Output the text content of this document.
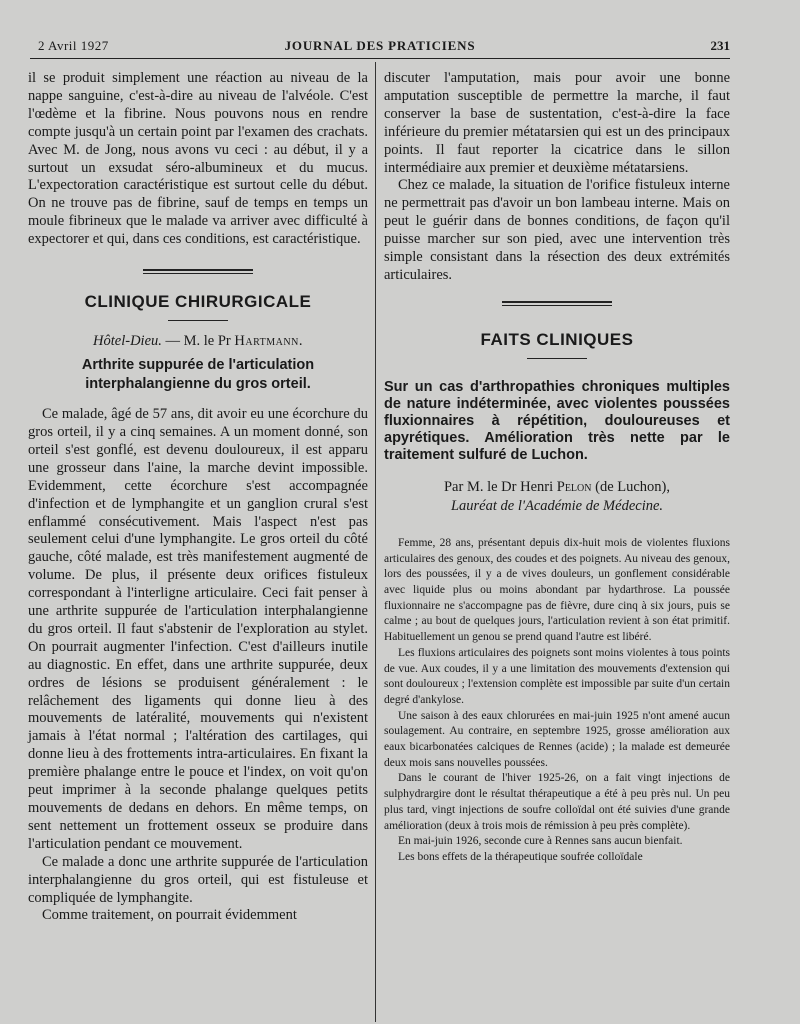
2 Avril 1927	JOURNAL DES PRATICIENS	231

il se produit simplement une réaction au niveau de la nappe sanguine, c'est-à-dire au niveau de l'alvéole. C'est l'œdème et la fibrine. Nous pouvons nous en rendre compte jusqu'à un certain point par l'examen des crachats. Avec M. de Jong, nous avons vu ceci : au début, il y a surtout un exsudat séro-albumineux et du mucus. L'expectoration caractéristique est surtout celle du début. On ne trouve pas de fibrine, sauf de temps en temps un moule fibrineux que le malade va arriver avec difficulté à expectorer et qui, dans ces conditions, est caractéristique.

CLINIQUE CHIRURGICALE
Hôtel-Dieu. — M. le Pr Hartmann.
Arthrite suppurée de l'articulation interphalangienne du gros orteil.

Ce malade, âgé de 57 ans, dit avoir eu une écorchure du gros orteil, il y a cinq semaines. A un moment donné, son orteil s'est gonflé, est devenu douloureux, il est apparu une grosseur dans l'aine, la marche devint impossible. Evidemment, cette écorchure s'est accompagnée d'infection et de lymphangite et un ganglion crural s'est enflammé consécutivement. Mais l'aspect n'est pas seulement celui d'une lymphangite. Le gros orteil du côté gauche, côté malade, est très manifestement augmenté de volume. De plus, il présente deux orifices fistuleux correspondant à l'interligne articulaire. Ceci fait penser à une arthrite suppurée de l'articulation interphalangienne du gros orteil. Il faut s'abstenir de l'exploration au stylet. On pourrait augmenter l'infection. C'est d'ailleurs inutile au diagnostic. En effet, dans une arthrite suppurée, deux ordres de lésions se produisent généralement : le relâchement des ligaments qui donne lieu à des mouvements de latéralité, mouvements qui n'existent jamais à l'état normal ; l'altération des cartilages, qui donne lieu à des frottements intra-articulaires. En fixant la première phalange entre le pouce et l'index, on voit qu'on peut imprimer à la seconde phalange quelques petits mouvements de dedans en dehors. En même temps, on sent nettement un frottement osseux se produire dans l'articulation pendant ce mouvement.

Ce malade a donc une arthrite suppurée de l'articulation interphalangienne du gros orteil, qui est fistuleuse et compliquée de lymphangite.

Comme traitement, on pourrait évidemment

discuter l'amputation, mais pour avoir une bonne amputation susceptible de permettre la marche, il faut conserver la base de sustentation, c'est-à-dire la face inférieure du premier métatarsien qui est un des principaux points. Il faut reporter la cicatrice dans le sillon intermédiaire aux premier et deuxième métatarsiens.

Chez ce malade, la situation de l'orifice fistuleux interne ne permettrait pas d'avoir un bon lambeau interne. Mais on peut le guérir dans de bonnes conditions, de façon qu'il puisse marcher sur son pied, avec une intervention très simple consistant dans la résection des deux extrémités articulaires.

FAITS CLINIQUES
Sur un cas d'arthropathies chroniques multiples de nature indéterminée, avec violentes poussées fluxionnaires à répétition, douloureuses et apyrétiques. Amélioration très nette par le traitement sulfuré de Luchon.
Par M. le Dr Henri Pelon (de Luchon),
Lauréat de l'Académie de Médecine.

Femme, 28 ans, présentant depuis dix-huit mois de violentes fluxions articulaires des genoux, des coudes et des poignets. Au niveau des genoux, lors des poussées, il y a de vives douleurs, un gonflement considérable avec liquide plus ou moins abondant par hydarthrose. La poussée fluxionnaire ne s'accompagne pas de fièvre, dure cinq à six jours, puis se calme ; au bout de quelques jours, l'articulation revient à son état primitif. Habituellement un genou se prend quand l'autre est libéré.

Les fluxions articulaires des poignets sont moins violentes à tous points de vue. Aux coudes, il y a une limitation des mouvements d'extension qui sont douloureux ; l'extension complète est impossible par suite d'un certain degré d'ankylose.

Une saison à des eaux chlorurées en mai-juin 1925 n'ont amené aucun soulagement. Au contraire, en septembre 1925, grosse amélioration aux eaux bicarbonatées calciques de Rennes (acide) ; la malade est demeurée deux mois sans nouvelles poussées.

Dans le courant de l'hiver 1925-26, on a fait vingt injections de sulphydrargire dont le résultat thérapeutique a été à peu près nul. Un peu plus tard, vingt injections de soufre colloïdal ont été suivies d'une grande amélioration (deux à trois mois de rémission à peu près complète).

En mai-juin 1926, seconde cure à Rennes sans aucun bienfait.

Les bons effets de la thérapeutique soufrée colloïdale
